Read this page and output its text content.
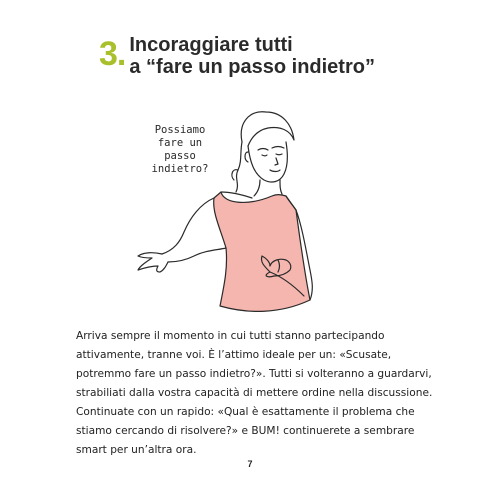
3. Incoraggiare tutti
a “fare un passo indietro”
Possiamo
fare un passo
indietro?

Arriva sempre il momento in cui tutti stanno partecipando attivamente, tranne voi. È l’attimo ideale per un: «Scusate, potremmo fare un passo indietro?». Tutti si volteranno a guardarvi, strabiliati dalla vostra capacità di mettere ordine nella discussione. Continuate con un rapido: «Qual è esattamente il problema che stiamo cercando di risolvere?» e BUM! continuerete a sembrare smart per un’altra ora.

7
